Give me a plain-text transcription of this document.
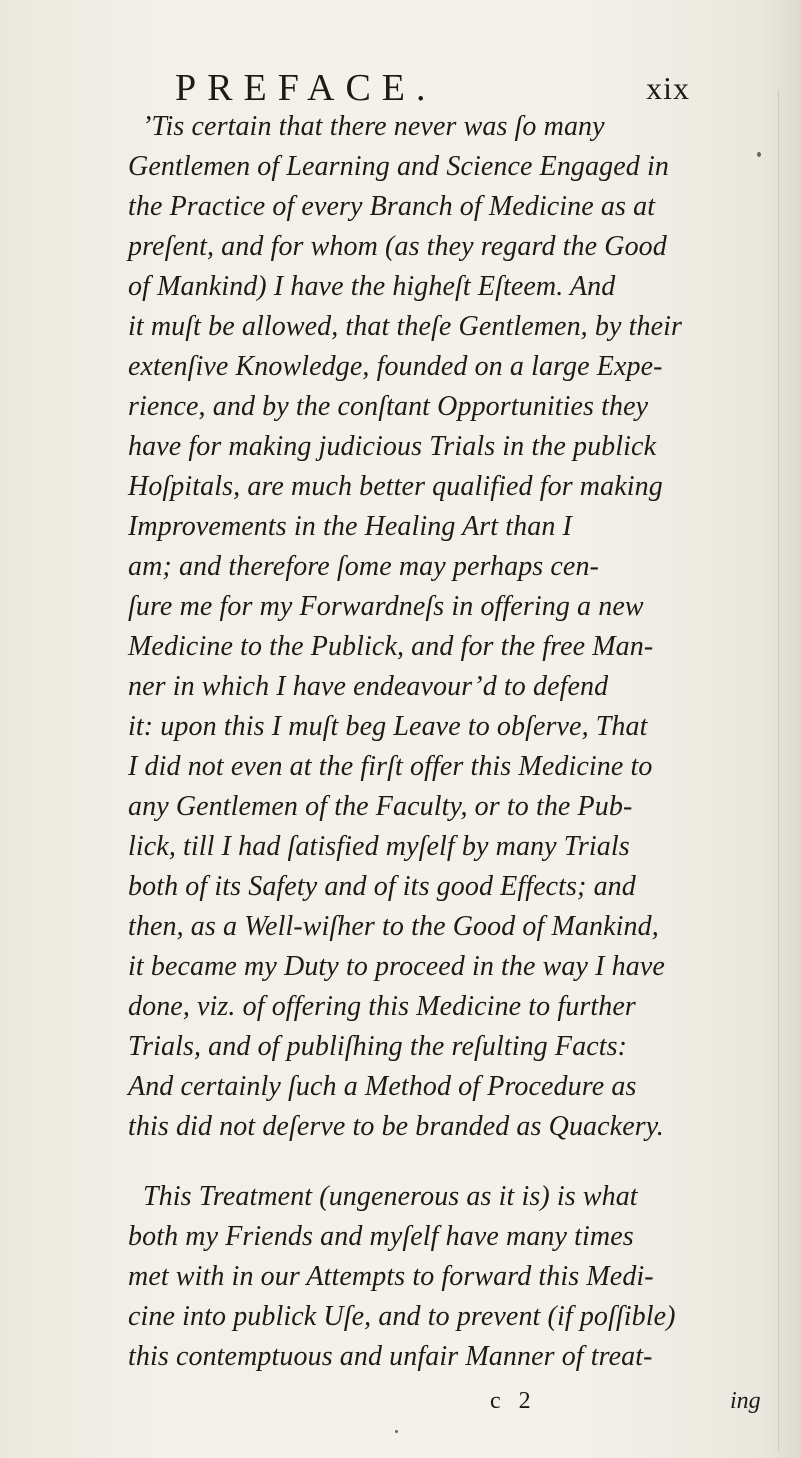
PREFACE.	xix
’Tis certain that there never was ſo many
Gentlemen of Learning and Science Engaged in
the Practice of every Branch of Medicine as at
preſent, and for whom (as they regard the Good
of Mankind) I have the higheſt Eſteem. And
it muſt be allowed, that theſe Gentlemen, by their
extenſive Knowledge, founded on a large Expe-
rience, and by the conſtant Opportunities they
have for making judicious Trials in the publick
Hoſpitals, are much better qualified for making
Improvements in the Healing Art than I
am; and therefore ſome may perhaps cen-
ſure me for my Forwardneſs in offering a new
Medicine to the Publick, and for the free Man-
ner in which I have endeavour’d to defend
it: upon this I muſt beg Leave to obſerve, That
I did not even at the firſt offer this Medicine to
any Gentlemen of the Faculty, or to the Pub-
lick, till I had ſatisfied myſelf by many Trials
both of its Safety and of its good Effects; and
then, as a Well-wiſher to the Good of Mankind,
it became my Duty to proceed in the way I have
done, viz. of offering this Medicine to further
Trials, and of publiſhing the reſulting Facts:
And certainly ſuch a Method of Procedure as
this did not deſerve to be branded as Quackery.
This Treatment (ungenerous as it is) is what
both my Friends and myſelf have many times
met with in our Attempts to forward this Medi-
cine into publick Uſe, and to prevent (if poſſible)
this contemptuous and unfair Manner of treat-
c 2	ing
